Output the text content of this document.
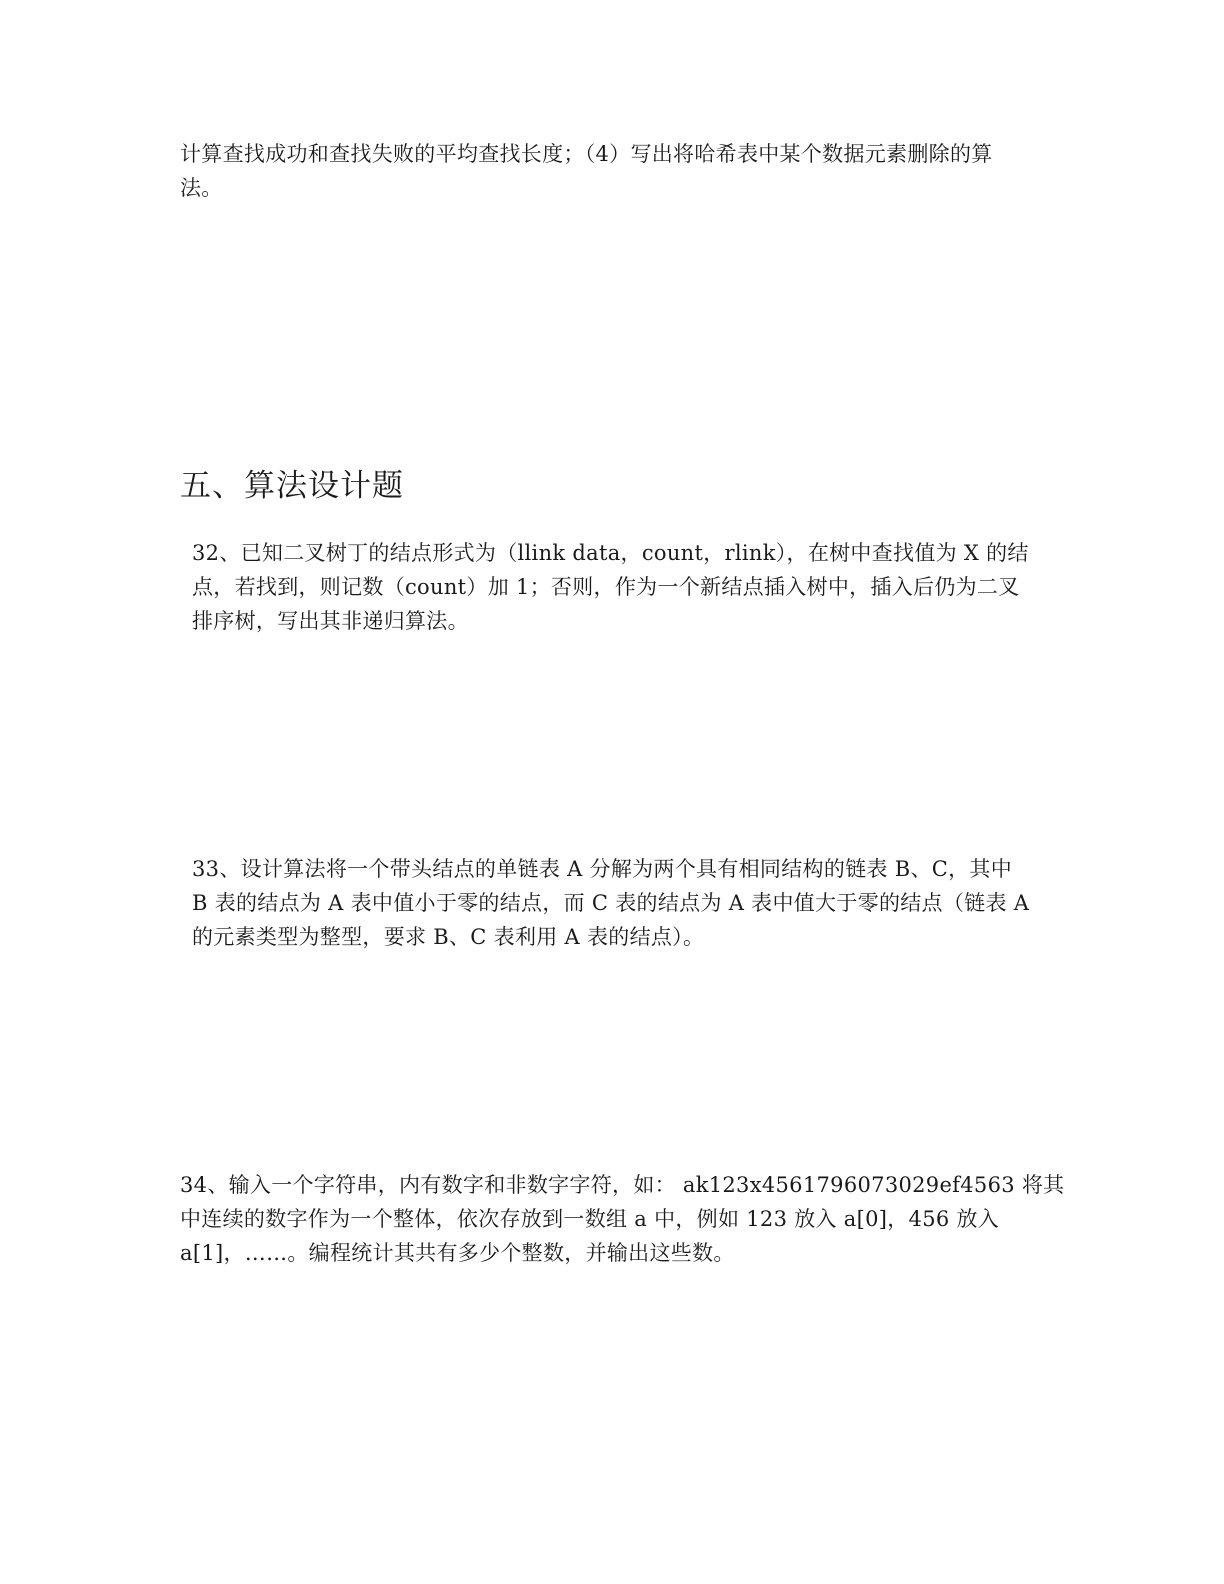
计算查找成功和查找失败的平均查找长度；（4）写出将哈希表中某个数据元素删除的算
法。
五、算法设计题
32、已知二叉树丁的结点形式为（llink data，count，rlink），在树中查找值为 X 的结
点，若找到，则记数（count）加 1；否则，作为一个新结点插入树中，插入后仍为二叉
排序树，写出其非递归算法。
33、设计算法将一个带头结点的单链表 A 分解为两个具有相同结构的链表 B、C，其中
B 表的结点为 A 表中值小于零的结点，而 C 表的结点为 A 表中值大于零的结点（链表 A
的元素类型为整型，要求 B、C 表利用 A 表的结点）。
34、输入一个字符串，内有数字和非数字字符，如： ak123x4561796073029ef4563 将其
中连续的数字作为一个整体，依次存放到一数组 a 中，例如 123 放入 a[0]，456 放入
a[1]，……。编程统计其共有多少个整数，并输出这些数。
